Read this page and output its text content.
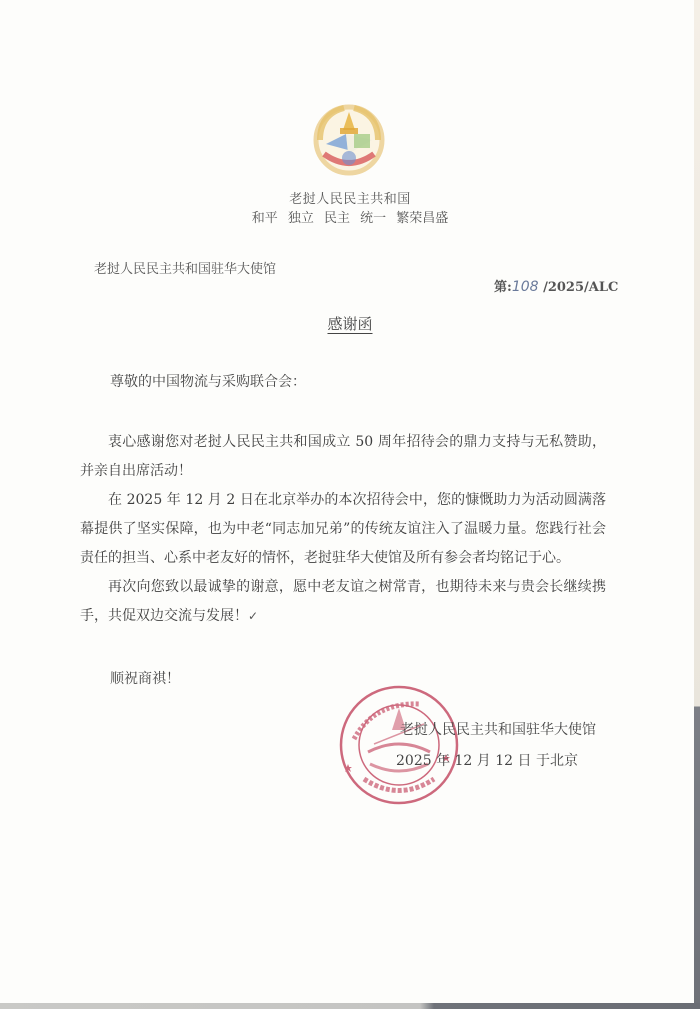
老挝人民民主共和国
和平 独立 民主 统一 繁荣昌盛
老挝人民民主共和国驻华大使馆
第:108 /2025/ALC
感谢函
尊敬的中国物流与采购联合会：

衷心感谢您对老挝人民民主共和国成立 50 周年招待会的鼎力支持与无私赞助，并亲自出席活动！

在 2025 年 12 月 2 日在北京举办的本次招待会中，您的慷慨助力为活动圆满落幕提供了坚实保障，也为中老“同志加兄弟”的传统友谊注入了温暖力量。您践行社会责任的担当、心系中老友好的情怀，老挝驻华大使馆及所有参会者均铭记于心。

再次向您致以最诚挚的谢意，愿中老友谊之树常青，也期待未来与贵会长继续携手，共促双边交流与发展！✓

顺祝商祺！
老挝人民民主共和国驻华大使馆
2025 年 12 月 12 日 于北京
